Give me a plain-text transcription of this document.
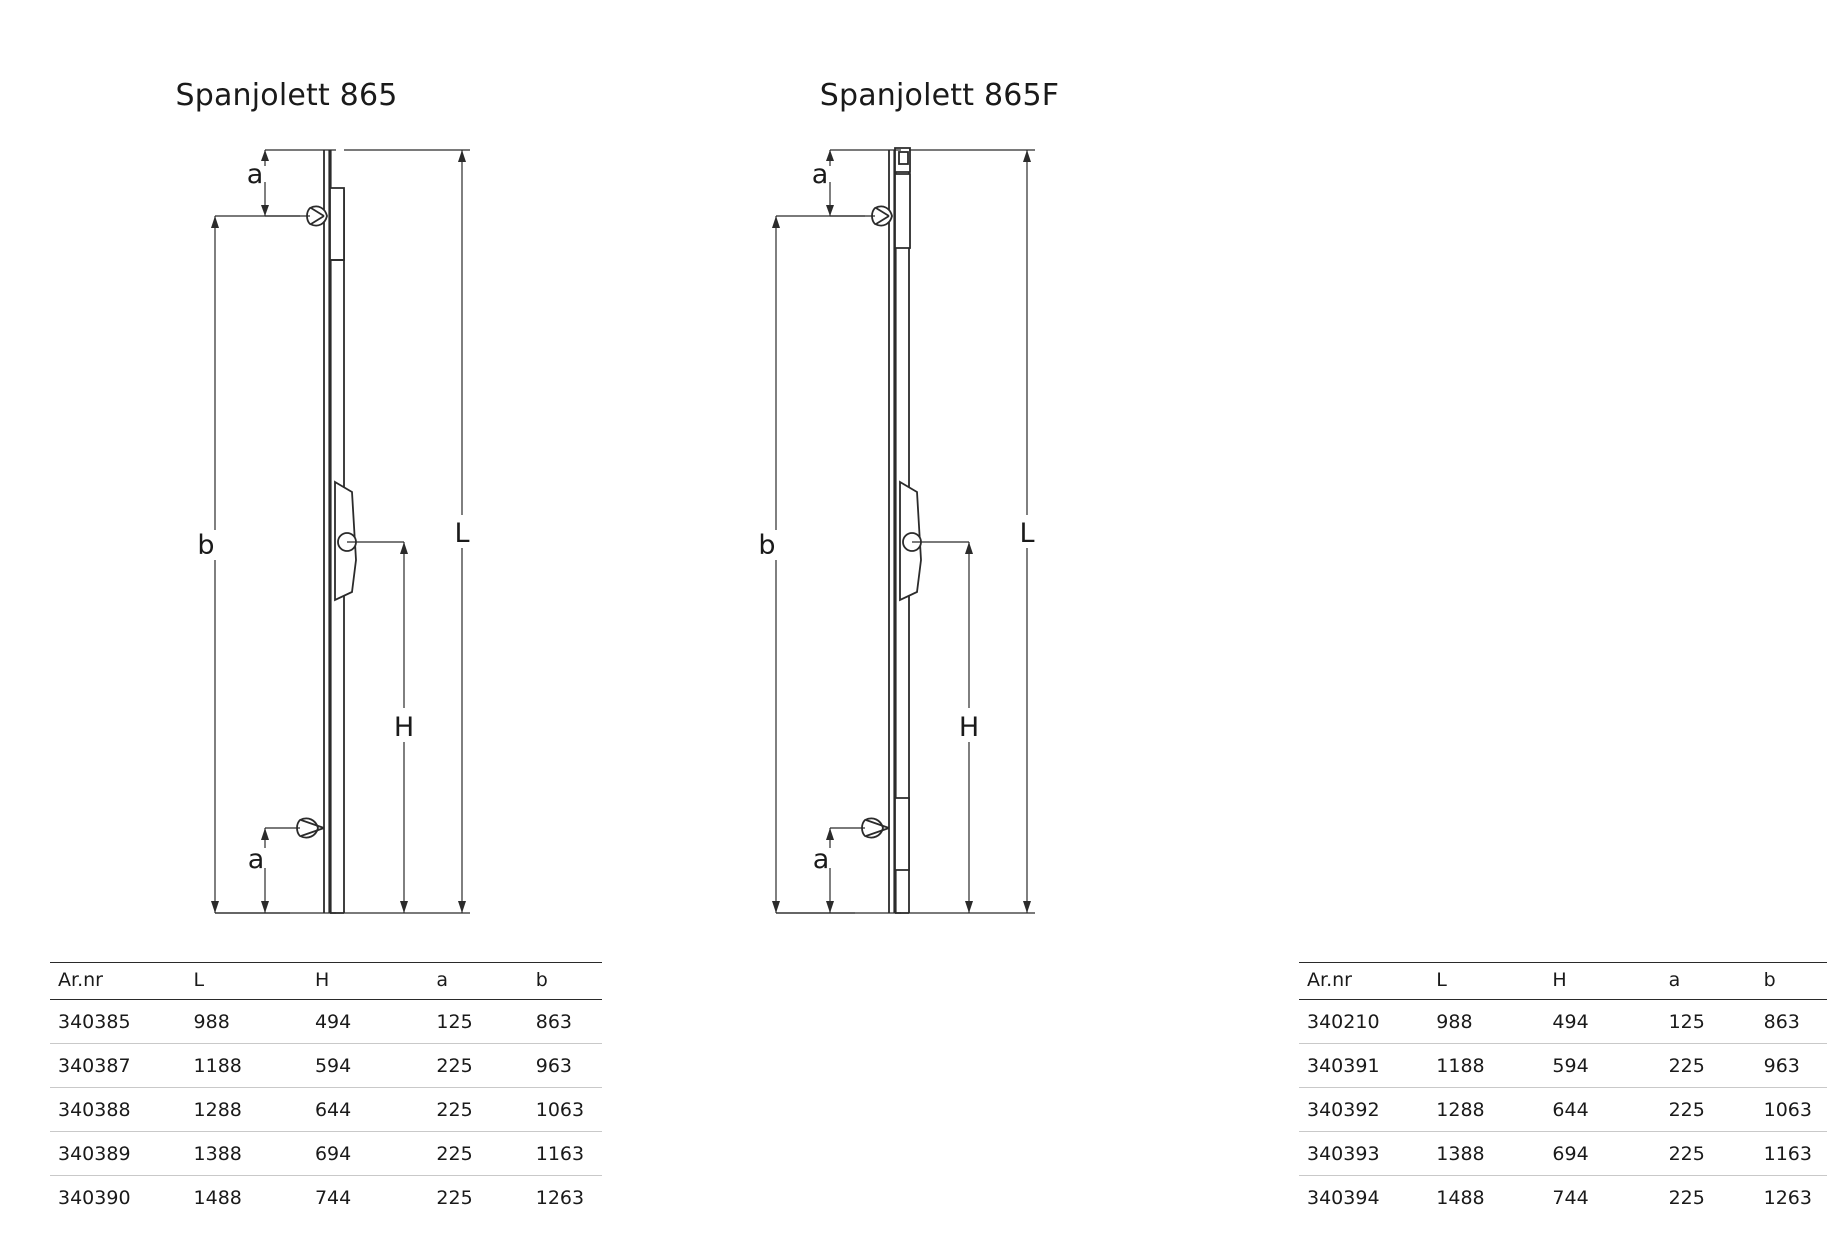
Spanjolett 865
a
b
a
H
L
Ar.nr	L	H	a	b
340385	988	494	125	863
340387	1188	594	225	963
340388	1288	644	225	1063
340389	1388	694	225	1163
340390	1488	744	225	1263
Spanjolett 865F
a
b
a
H
L
Ar.nr	L	H	a	b
340210	988	494	125	863
340391	1188	594	225	963
340392	1288	644	225	1063
340393	1388	694	225	1163
340394	1488	744	225	1263
